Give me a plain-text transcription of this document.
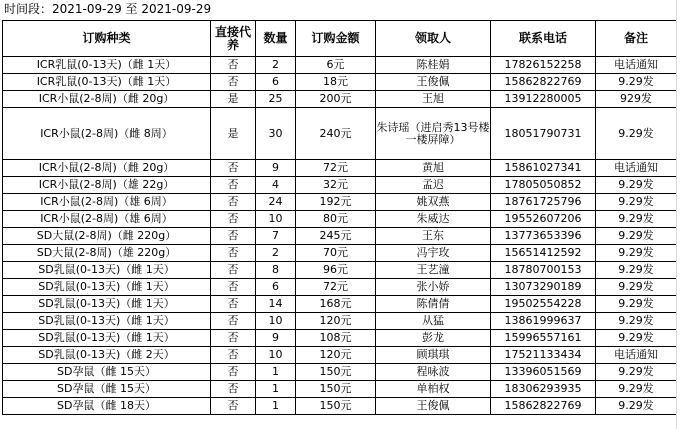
时间段：2021-09-29 至 2021-09-29
订购种类	直接代养	数量	订购金额	领取人	联系电话	备注
ICR乳鼠(0-13天)（雌 1天）	否	2	6元	陈桂娟	17826152258	电话通知
ICR乳鼠(0-13天)（雌 1天）	否	6	18元	王俊佩	15862822769	9.29发
ICR小鼠(2-8周)（雌 20g）	是	25	200元	王旭	13912280005	929发
ICR小鼠(2-8周)（雌 8周）	是	30	240元	朱诗瑶（进启秀13号楼一楼屏障）	18051790731	9.29发
ICR小鼠(2-8周)（雌 20g）	否	9	72元	黄旭	15861027341	电话通知
ICR小鼠(2-8周)（雄 22g）	否	4	32元	孟迟	17805050852	9.29发
ICR小鼠(2-8周)（雄 6周）	否	24	192元	姚双燕	18761725796	9.29发
ICR小鼠(2-8周)（雄 6周）	否	10	80元	朱威达	19552607206	9.29发
SD大鼠(2-8周)（雌 220g）	否	7	245元	王东	13773653396	9.29发
SD大鼠(2-8周)（雄 220g）	否	2	70元	冯宇玫	15651412592	9.29发
SD乳鼠(0-13天)（雌 1天）	否	8	96元	王艺潼	18780700153	9.29发
SD乳鼠(0-13天)（雌 1天）	否	6	72元	张小娇	13073290189	9.29发
SD乳鼠(0-13天)（雌 1天）	否	14	168元	陈倩倩	19502554228	9.29发
SD乳鼠(0-13天)（雌 1天）	否	10	120元	从猛	13861999637	9.29发
SD乳鼠(0-13天)（雌 1天）	否	9	108元	彭龙	15996557161	9.29发
SD乳鼠(0-13天)（雌 2天）	否	10	120元	顾琪琪	17521133434	电话通知
SD孕鼠（雌 15天）	否	1	150元	程咏波	13396051569	9.29发
SD孕鼠（雌 15天）	否	1	150元	单柏权	18306293935	9.29发
SD孕鼠（雌 18天）	否	1	150元	王俊佩	15862822769	9.29发
